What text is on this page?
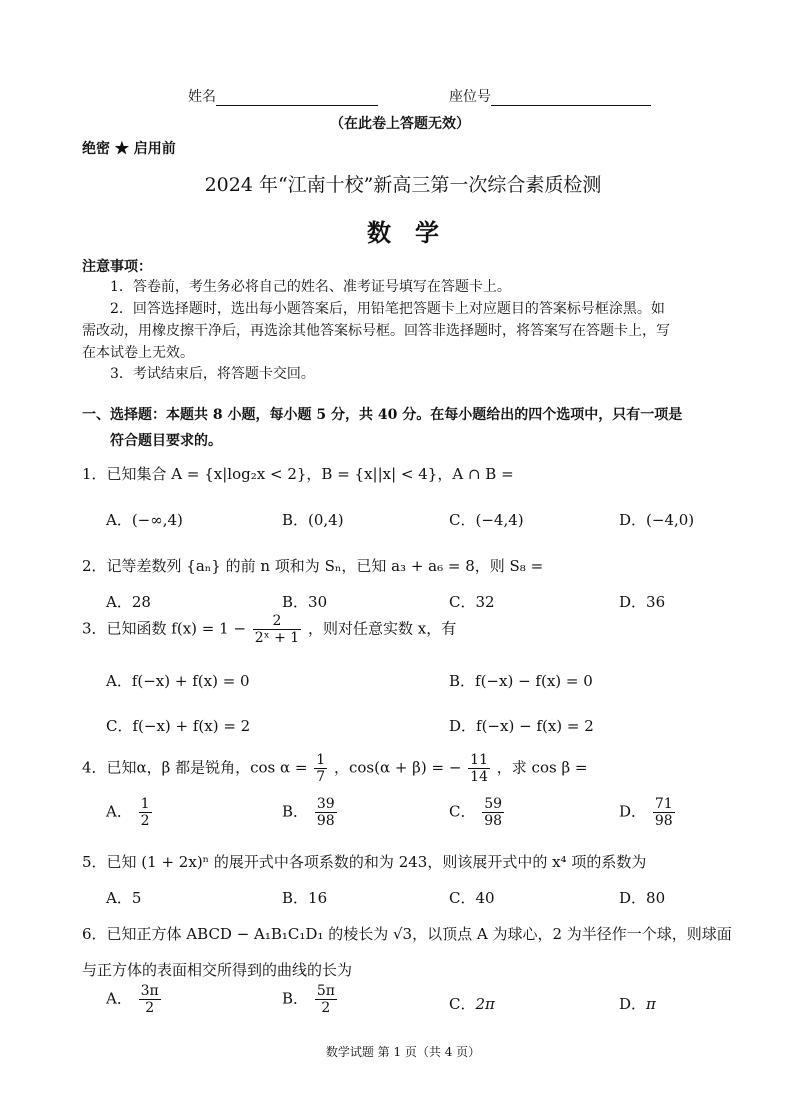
姓名	座位号
（在此卷上答题无效）
绝密 ★ 启用前
2024 年“江南十校”新高三第一次综合素质检测
数　学
注意事项：
1．答卷前，考生务必将自己的姓名、准考证号填写在答题卡上。
2．回答选择题时，选出每小题答案后，用铅笔把答题卡上对应题目的答案标号框涂黑。如
需改动，用橡皮擦干净后，再选涂其他答案标号框。回答非选择题时，将答案写在答题卡上，写
在本试卷上无效。
3．考试结束后，将答题卡交回。
一、选择题：本题共 8 小题，每小题 5 分，共 40 分。在每小题给出的四个选项中，只有一项是
符合题目要求的。
1．已知集合 A = {x|log₂x < 2}，B = {x||x| < 4}，A ∩ B =
A．(−∞,4)	B．(0,4)	C．(−4,4)	D．(−4,0)
2．记等差数列 {aₙ} 的前 n 项和为 Sₙ，已知 a₃ + a₆ = 8，则 S₈ =
A．28	B．30	C．32	D．36
3．已知函数 $f(x) = 1 - \frac{2}{\text{2ˣ + 1}}$ ，则对任意实数 x，有
A．f(−x) + f(x) = 0	B．f(−x) − f(x) = 0
C．f(−x) + f(x) = 2	D．f(−x) − f(x) = 2
4．已知α，β 都是锐角，$\cos \alpha = \frac{1}{7}$ ，cos(α + β) = − $\frac{11}{14}$ ，求 cos β =
A． $\frac{1}{2}$	B． $\frac{39}{98}$	C． $\frac{59}{98}$	D． $\frac{71}{98}$
5．已知 (1 + 2x)ⁿ 的展开式中各项系数的和为 243，则该展开式中的 x⁴ 项的系数为
A．5	B．16	C．40	D．80
6．已知正方体 ABCD − A₁B₁C₁D₁ 的棱长为 √3，以顶点 A 为球心，2 为半径作一个球，则球面
与正方体的表面相交所得到的曲线的长为
A． $\frac{3\pi}{2}$	B． $\frac{5\pi}{2}$	C．2π	D．π
数学试题 第 1 页（共 4 页）
